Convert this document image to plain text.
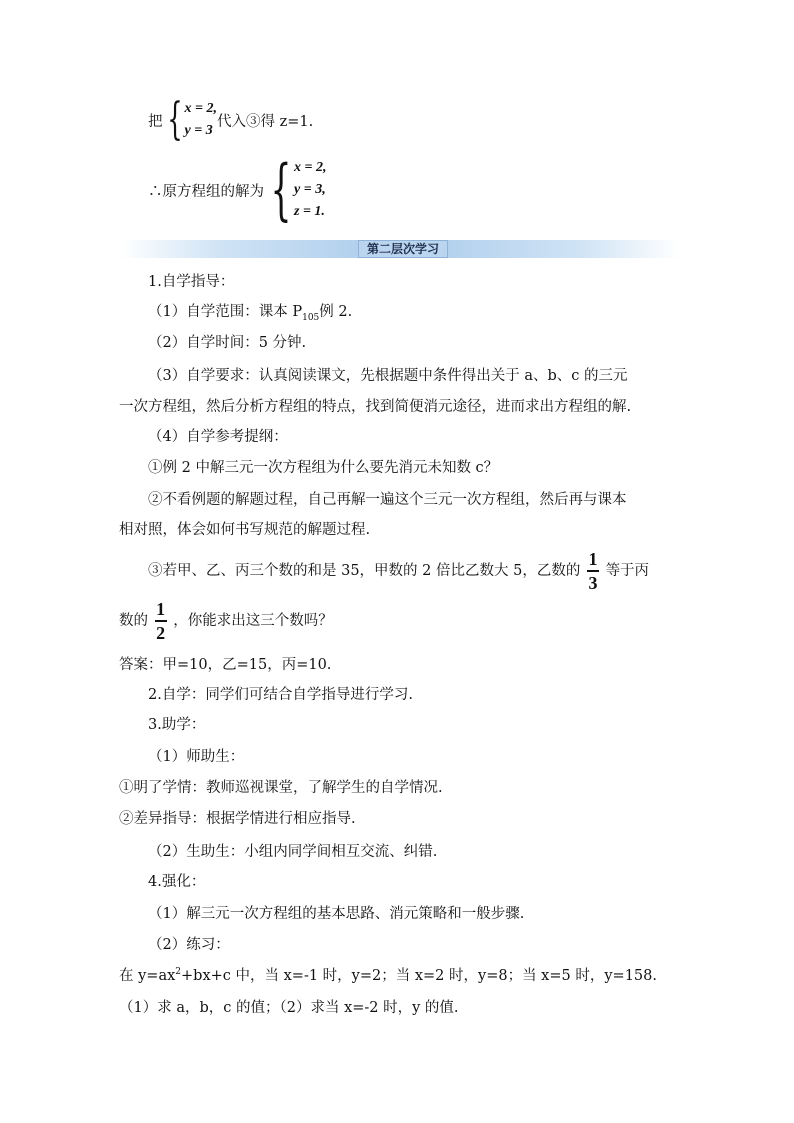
把 { x = 2,
y = 3
代入③得 z=1.
∴原方程组的解为 { x = 2,
y = 3,
z = 1.
第二层次学习
1.自学指导：
（1）自学范围：课本 $P_{105}$例 2.
（2）自学时间：5 分钟.
（3）自学要求：认真阅读课文，先根据题中条件得出关于 a、b、c 的三元
一次方程组，然后分析方程组的特点，找到简便消元途径，进而求出方程组的解.
（4）自学参考提纲：
①例 2 中解三元一次方程组为什么要先消元未知数 c？
②不看例题的解题过程，自己再解一遍这个三元一次方程组，然后再与课本
相对照，体会如何书写规范的解题过程.
③若甲、乙、丙三个数的和是 35，甲数的 2 倍比乙数大 5，乙数的 $\frac{1}{3}$ 等于丙
数的 $\frac{1}{2}$ ，你能求出这三个数吗？
答案：甲=10，乙=15，丙=10.
2.自学：同学们可结合自学指导进行学习.
3.助学：
（1）师助生：
①明了学情：教师巡视课堂，了解学生的自学情况.
②差异指导：根据学情进行相应指导.
（2）生助生：小组内同学间相互交流、纠错.
4.强化：
（1）解三元一次方程组的基本思路、消元策略和一般步骤.
（2）练习：
在 $y=ax^2+bx+c$ 中，当 x=-1 时，y=2；当 x=2 时，y=8；当 x=5 时，y=158.
（1）求 a，b，c 的值；（2）求当 x=-2 时，y 的值.
